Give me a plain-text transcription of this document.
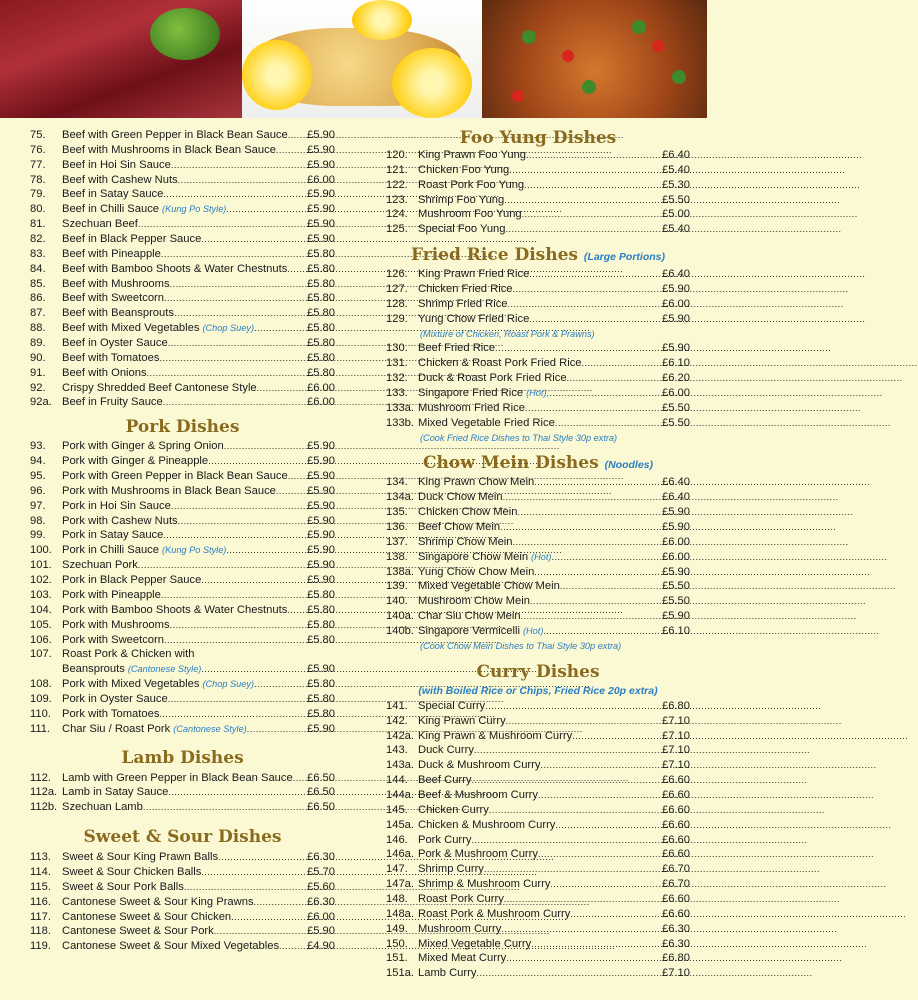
75.	Beef with Green Pepper in Black Bean Sauce ..... £5.90
76.	Beef with Mushrooms in Black Bean Sauce .....	£5.90
77.	Beef in Hoi Sin Sauce .....	£5.90
78.	Beef with Cashew Nuts .....	£6.00
79.	Beef in Satay Sauce .....	£5.90
80.	Beef in Chilli Sauce (Kung Po Style) .....	£5.90
81.	Szechuan Beef .....	£5.90
82.	Beef in Black Pepper Sauce .....	£5.90
83.	Beef with Pineapple .....	£5.80
84.	Beef with Bamboo Shoots & Water Chestnuts ..... £5.80
85.	Beef with Mushrooms .....	£5.80
86.	Beef with Sweetcorn .....	£5.80
87.	Beef with Beansprouts .....	£5.80
88.	Beef with Mixed Vegetables (Chop Suey) .....	£5.80
89.	Beef in Oyster Sauce .....	£5.80
90.	Beef with Tomatoes .....	£5.80
91.	Beef with Onions .....	£5.80
92.	Crispy Shredded Beef Cantonese Style .....	£6.00
92a. Beef in Fruity Sauce .....	£6.00
Pork Dishes
93.	Pork with Ginger & Spring Onion .....	£5.90
94.	Pork with Ginger & Pineapple .....	£5.90
95.	Pork with Green Pepper in Black Bean Sauce ..... £5.90
96.	Pork with Mushrooms in Black Bean Sauce .....	£5.90
97.	Pork in Hoi Sin Sauce .....	£5.90
98.	Pork with Cashew Nuts .....	£5.90
99.	Pork in Satay Sauce .....	£5.90
100. Pork in Chilli Sauce (Kung Po Style) .....	£5.90
101. Szechuan Pork .....	£5.90
102. Pork in Black Pepper Sauce .....	£5.90
103. Pork with Pineapple .....	£5.80
104. Pork with Bamboo Shoots & Water Chestnuts ..... £5.80
105. Pork with Mushrooms .....	£5.80
106. Pork with Sweetcorn .....	£5.80
107. Roast Pork & Chicken with
Beansprouts (Cantonese Style) .....	£5.90
108. Pork with Mixed Vegetables (Chop Suey) .....	£5.80
109. Pork in Oyster Sauce .....	£5.80
110. Pork with Tomatoes .....	£5.80
111.	Char Siu / Roast Pork (Cantonese Style) .....	£5.90
Lamb Dishes
112. Lamb with Green Pepper in Black Bean Sauce ..... £6.50
112a. Lamb in Satay Sauce .....	£6.50
112b. Szechuan Lamb .....	£6.50
Sweet & Sour Dishes
113. Sweet & Sour King Prawn Balls .....	£6.30
114. Sweet & Sour Chicken Balls .....	£5.70
115. Sweet & Sour Pork Balls .....	£5.60
116. Cantonese Sweet & Sour King Prawns .....	£6.30
117. Cantonese Sweet & Sour Chicken .....	£6.00
118. Cantonese Sweet & Sour Pork .....	£5.90
119. Cantonese Sweet & Sour Mixed Vegetables ..... £4.90
Foo Yung Dishes
120. King Prawn Foo Yung .....	£6.40
121. Chicken Foo Yung .....	£5.40
122. Roast Pork Foo Yung .....	£5.30
123. Shrimp Foo Yung .....	£5.50
124. Mushroom Foo Yung .....	£5.00
125. Special Foo Yung .....	£5.40
Fried Rice Dishes (Large Portions)
126. King Prawn Fried Rice .....	£6.40
127. Chicken Fried Rice .....	£5.90
128. Shrimp Fried Rice .....	£6.00
129. Yung Chow Fried Rice .....	£5.90
(Mixture of Chicken, Roast Pork & Prawns)
130. Beef Fried Rice .....	£5.90
131. Chicken & Roast Pork Fried Rice .....	£6.10
132. Duck & Roast Pork Fried Rice .....	£6.20
133. Singapore Fried Rice (Hot) .....	£6.00
133a. Mushroom Fried Rice .....	£5.50
133b. Mixed Vegetable Fried Rice .....	£5.50
(Cook Fried Rice Dishes to Thai Style 30p extra)
Chow Mein Dishes (Noodles)
134. King Prawn Chow Mein .....	£6.40
134a. Duck Chow Mein .....	£6.40
135. Chicken Chow Mein .....	£5.90
136. Beef Chow Mein .....	£5.90
137. Shrimp Chow Mein .....	£6.00
138. Singapore Chow Mein (Hot) .....	£6.00
138a. Yung Chow Chow Mein .....	£5.90
139. Mixed Vegetable Chow Mein .....	£5.50
140. Mushroom Chow Mein .....	£5.50
140a. Char Siu Chow Mein .....	£5.90
140b. Singapore Vermicelli (Hot) .....	£6.10
(Cook Chow Mein Dishes to Thai Style 30p extra)
Curry Dishes
(with Boiled Rice or Chips, Fried Rice 20p extra)
141. Special Curry .....	£6.80
142. King Prawn Curry .....	£7.10
142a. King Prawn & Mushroom Curry .....	£7.10
143. Duck Curry .....	£7.10
143a. Duck & Mushroom Curry .....	£7.10
144. Beef Curry .....	£6.60
144a. Beef & Mushroom Curry .....	£6.60
145. Chicken Curry .....	£6.60
145a. Chicken & Mushroom Curry .....	£6.60
146. Pork Curry .....	£6.60
146a. Pork & Mushroom Curry .....	£6.60
147. Shrimp Curry .....	£6.70
147a. Shrimp & Mushroom Curry .....	£6.70
148. Roast Pork Curry .....	£6.60
148a. Roast Pork & Mushroom Curry .....	£6.60
149. Mushroom Curry .....	£6.30
150. Mixed Vegetable Curry .....	£6.30
151. Mixed Meat Curry .....	£6.80
151a. Lamb Curry .....	£7.10
